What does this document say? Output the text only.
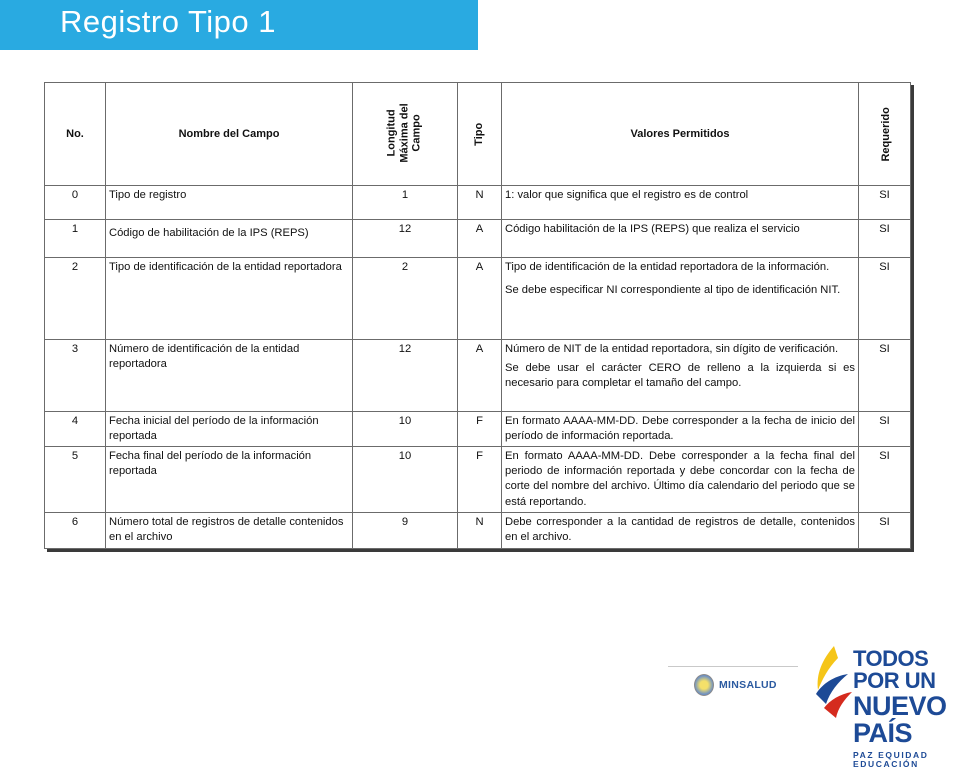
Registro Tipo 1
No.	Nombre del Campo	Longitud
Máxima del
Campo	Tipo	Valores Permitidos	Requerido
0	Tipo de registro	1	N	1: valor que significa que el registro es de control	SI
1	Código de habilitación de la IPS (REPS)	12	A	Código habilitación de la IPS (REPS) que realiza el servicio	SI
2	Tipo de identificación de la entidad reportadora	2	A	Tipo de identificación de la entidad reportadora de la información.
Se debe especificar NI correspondiente al tipo de identificación NIT.	SI
3	Número de identificación de la entidad reportadora	12	A	Número de NIT de la entidad reportadora, sin dígito de verificación.
Se debe usar el carácter CERO de relleno a la izquierda si es necesario para completar el tamaño del campo.	SI
4	Fecha inicial del período de la información reportada	10	F	En formato AAAA-MM-DD. Debe corresponder a la fecha de inicio del período de información reportada.	SI
5	Fecha final del período de la información reportada	10	F	En formato AAAA-MM-DD. Debe corresponder a la fecha final del periodo de información reportada y debe concordar con la fecha de corte del nombre del archivo. Último día calendario del periodo que se está reportando.	SI
6	Número total de registros de detalle contenidos en el archivo	9	N	Debe corresponder a la cantidad de registros de detalle, contenidos en el archivo.	SI
MINSALUD
TODOS POR UN
NUEVO PAÍS
PAZ EQUIDAD EDUCACIÓN
